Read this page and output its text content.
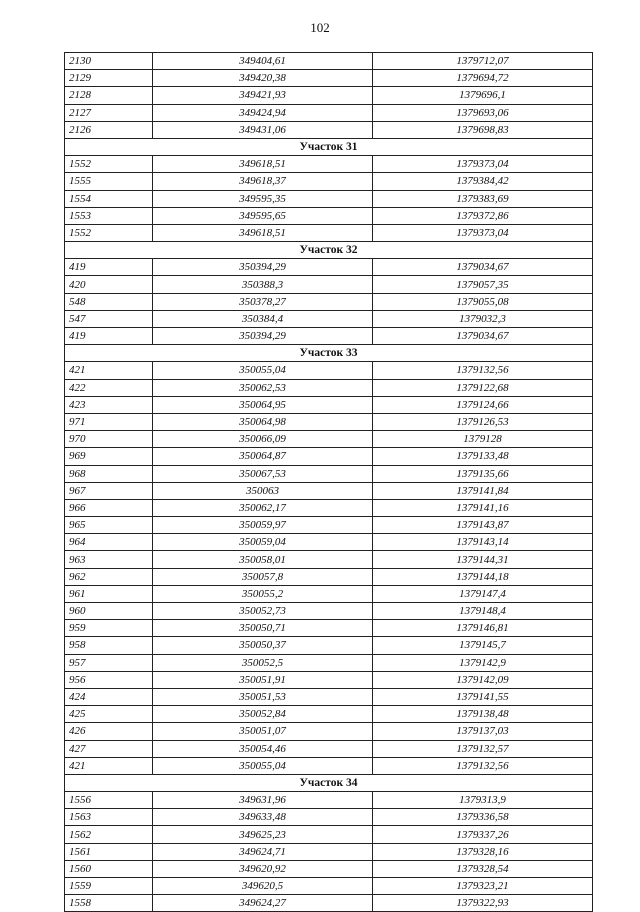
102
2130	349404,61	1379712,07
2129	349420,38	1379694,72
2128	349421,93	1379696,1
2127	349424,94	1379693,06
2126	349431,06	1379698,83
Участок 31		
1552	349618,51	1379373,04
1555	349618,37	1379384,42
1554	349595,35	1379383,69
1553	349595,65	1379372,86
1552	349618,51	1379373,04
Участок 32		
419	350394,29	1379034,67
420	350388,3	1379057,35
548	350378,27	1379055,08
547	350384,4	1379032,3
419	350394,29	1379034,67
Участок 33		
421	350055,04	1379132,56
422	350062,53	1379122,68
423	350064,95	1379124,66
971	350064,98	1379126,53
970	350066,09	1379128
969	350064,87	1379133,48
968	350067,53	1379135,66
967	350063	1379141,84
966	350062,17	1379141,16
965	350059,97	1379143,87
964	350059,04	1379143,14
963	350058,01	1379144,31
962	350057,8	1379144,18
961	350055,2	1379147,4
960	350052,73	1379148,4
959	350050,71	1379146,81
958	350050,37	1379145,7
957	350052,5	1379142,9
956	350051,91	1379142,09
424	350051,53	1379141,55
425	350052,84	1379138,48
426	350051,07	1379137,03
427	350054,46	1379132,57
421	350055,04	1379132,56
Участок 34		
1556	349631,96	1379313,9
1563	349633,48	1379336,58
1562	349625,23	1379337,26
1561	349624,71	1379328,16
1560	349620,92	1379328,54
1559	349620,5	1379323,21
1558	349624,27	1379322,93
